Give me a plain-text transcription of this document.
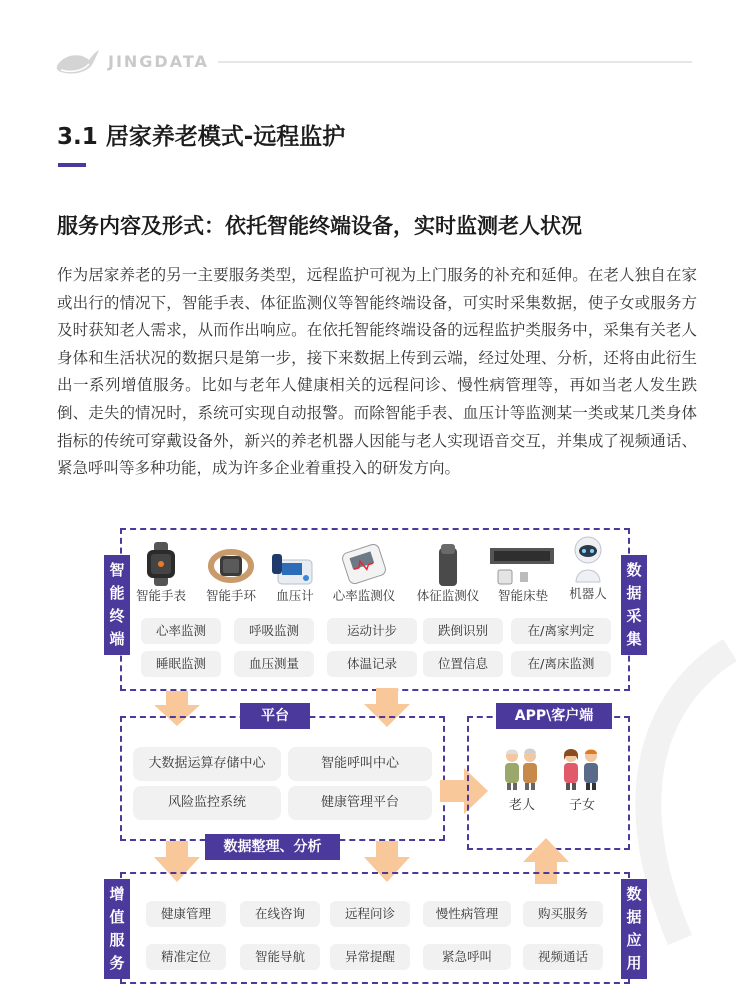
JINGDATA
3.1 居家养老模式-远程监护
服务内容及形式：依托智能终端设备，实时监测老人状况
作为居家养老的另一主要服务类型，远程监护可视为上门服务的补充和延伸。在老人独自在家或出行的情况下，智能手表、体征监测仪等智能终端设备，可实时采集数据，使子女或服务方及时获知老人需求，从而作出响应。在依托智能终端设备的远程监护类服务中，采集有关老人身体和生活状况的数据只是第一步，接下来数据上传到云端，经过处理、分析，还将由此衍生出一系列增值服务。比如与老年人健康相关的远程问诊、慢性病管理等，再如当老人发生跌倒、走失的情况时，系统可实现自动报警。而除智能手表、血压计等监测某一类或某几类身体指标的传统可穿戴设备外，新兴的养老机器人因能与老人实现语音交互，并集成了视频通话、紧急呼叫等多种功能，成为许多企业着重投入的研发方向。
智能终端
数据采集
智能手表	智能手环	血压计	心率监测仪	体征监测仪	智能床垫	机器人
心率监测	呼吸监测	运动计步	跌倒识别	在/离家判定
睡眠监测	血压测量	体温记录	位置信息	在/离床监测
平台
大数据运算存储中心	智能呼叫中心
风险监控系统	健康管理平台
APP\客户端
老人	子女
数据整理、分析
增值服务
数据应用
健康管理	在线咨询	远程问诊	慢性病管理	购买服务
精准定位	智能导航	异常提醒	紧急呼叫	视频通话
